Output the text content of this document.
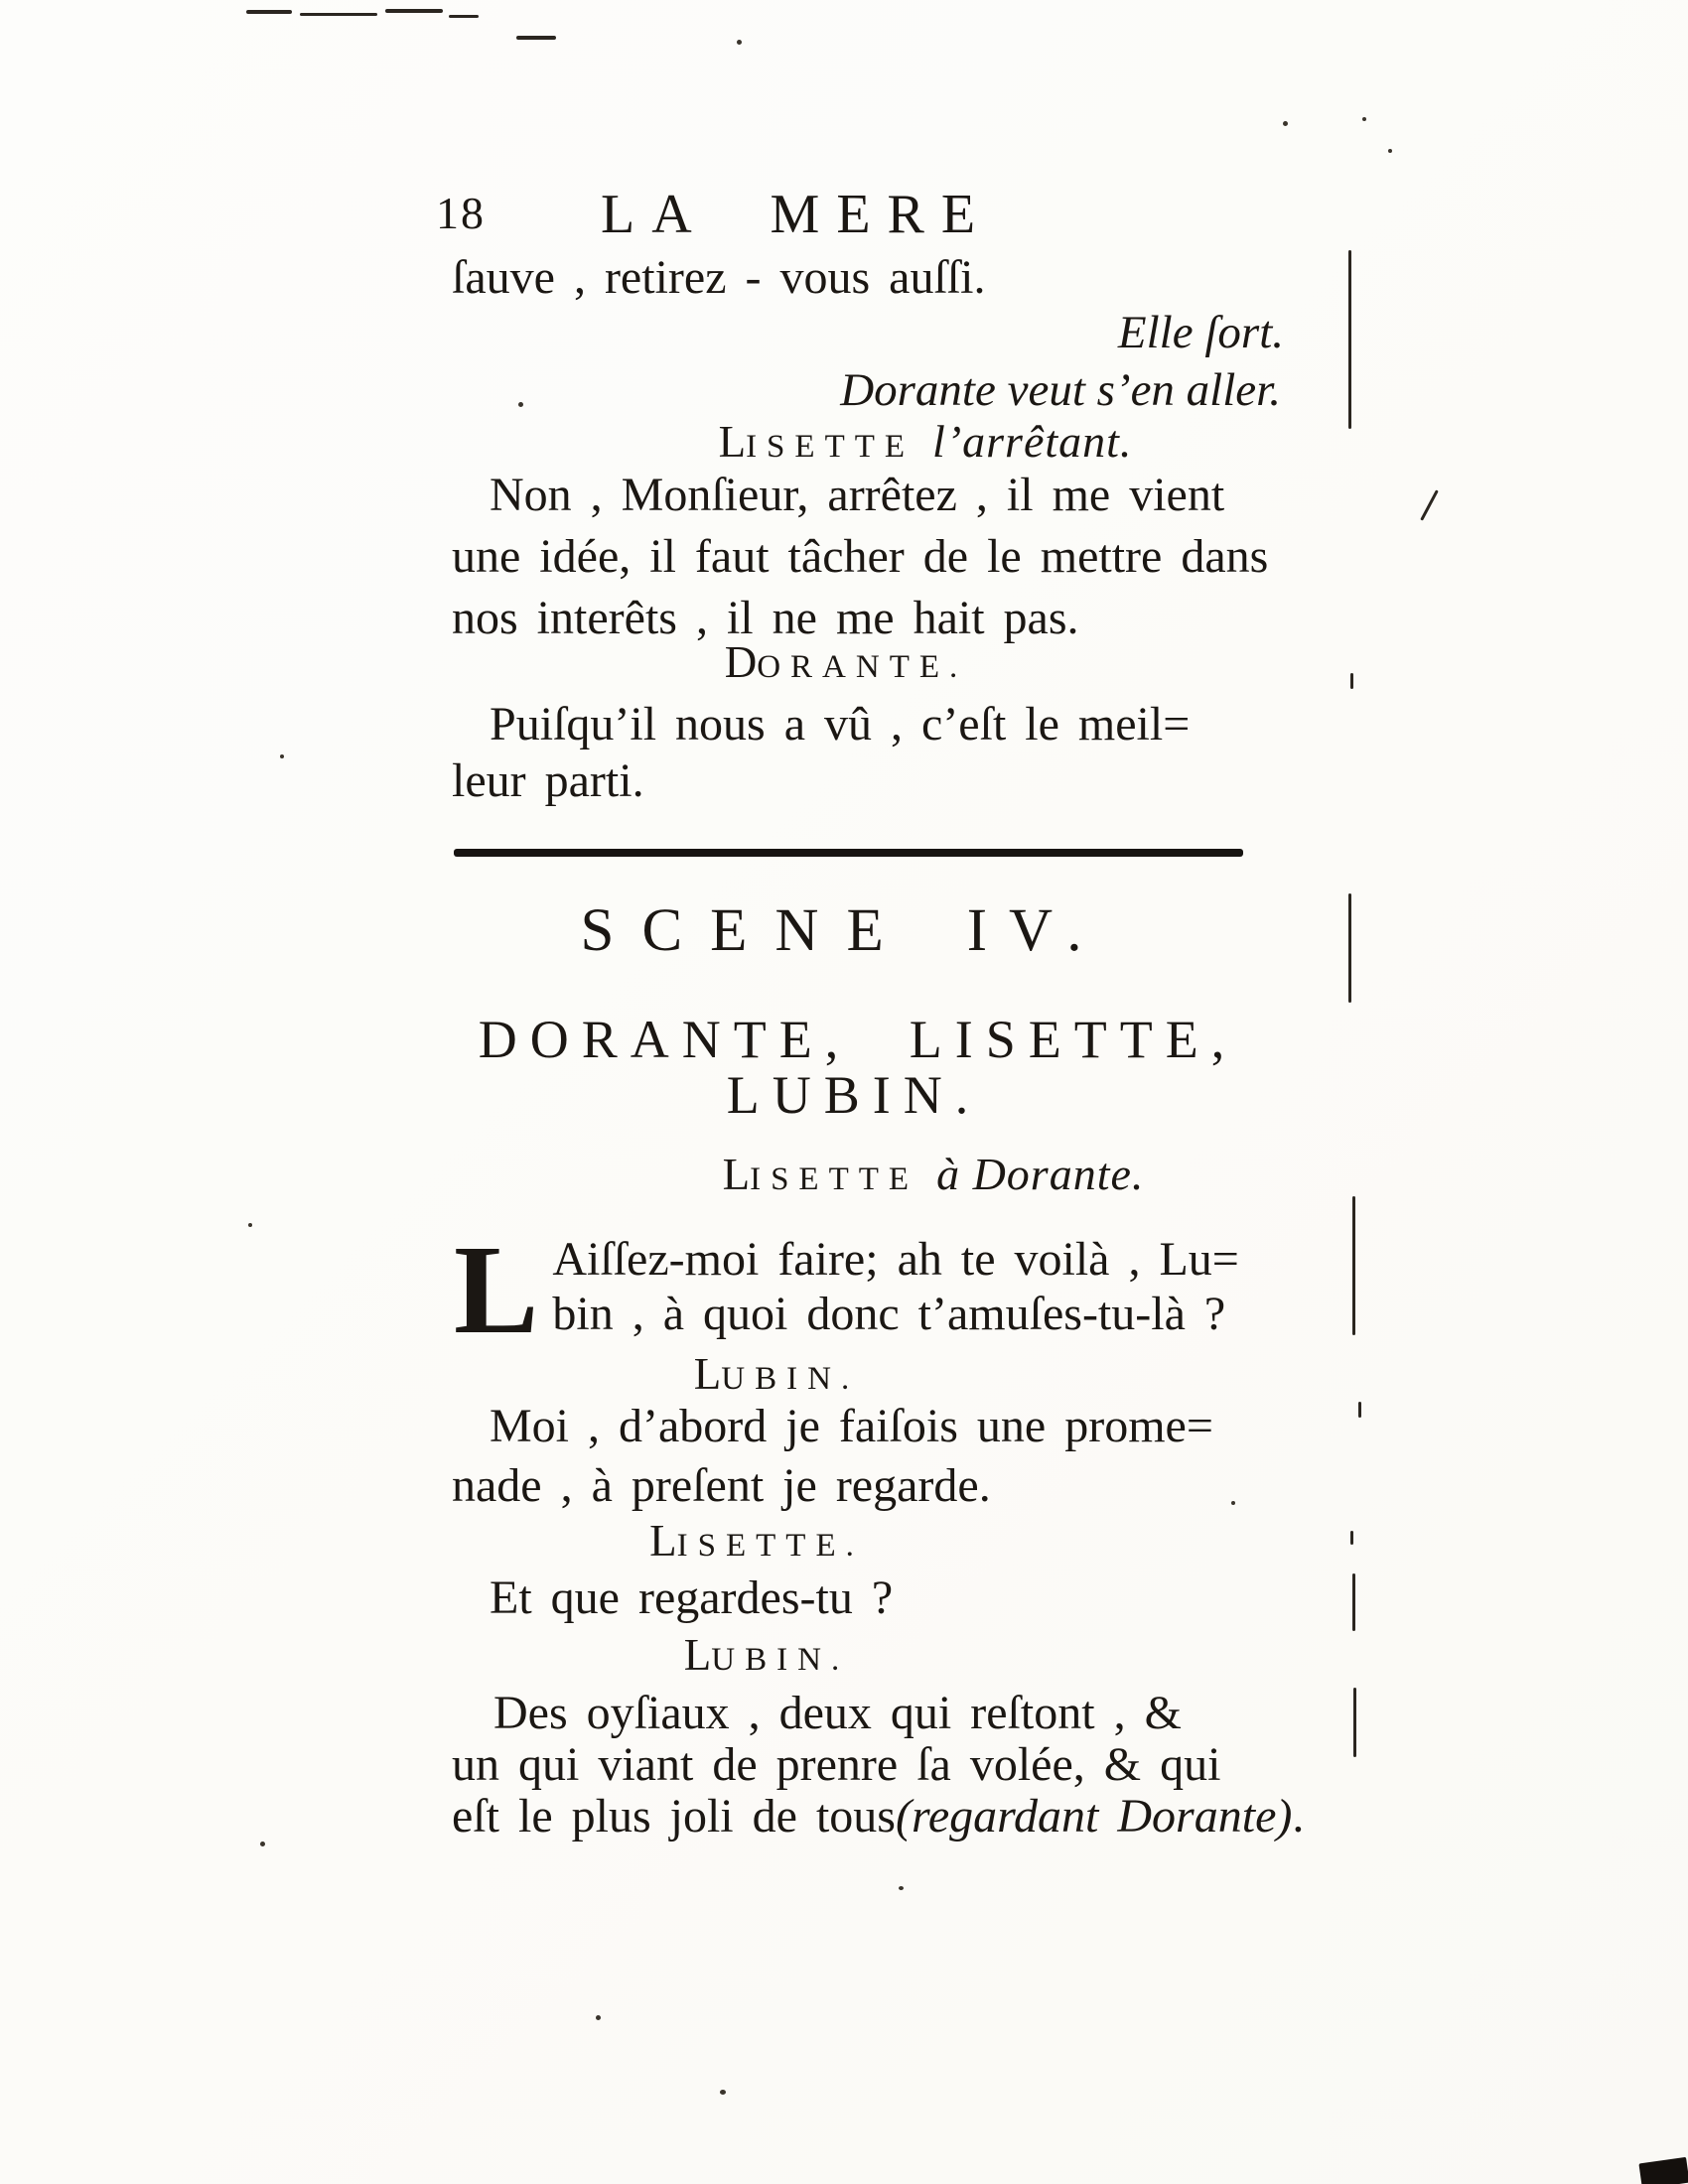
18 LA MERE
ſauve , retirez - vous auſſi.
Elle ſort.
Dorante veut s’en aller.
LISETTE l’arrêtant.
Non , Monſieur, arrêtez , il me vient
une idée, il faut tâcher de le mettre dans
nos interêts , il ne me hait pas.
DORANTE.
Puiſqu’il nous a vû , c’eſt le meil=
leur parti.
SCENE IV.
DORANTE, LISETTE,
LUBIN.
LISETTE à Dorante.
L Aiſſez-moi faire; ah te voilà , Lu=
bin , à quoi donc t’amuſes-tu-là ?
LUBIN.
Moi , d’abord je faiſois une prome=
nade , à preſent je regarde.
LISETTE.
Et que regardes-tu ?
LUBIN.
Des oyſiaux , deux qui reſtont , &
un qui viant de prenre ſa volée, & qui
eſt le plus joli de tous(regardant Dorante).
